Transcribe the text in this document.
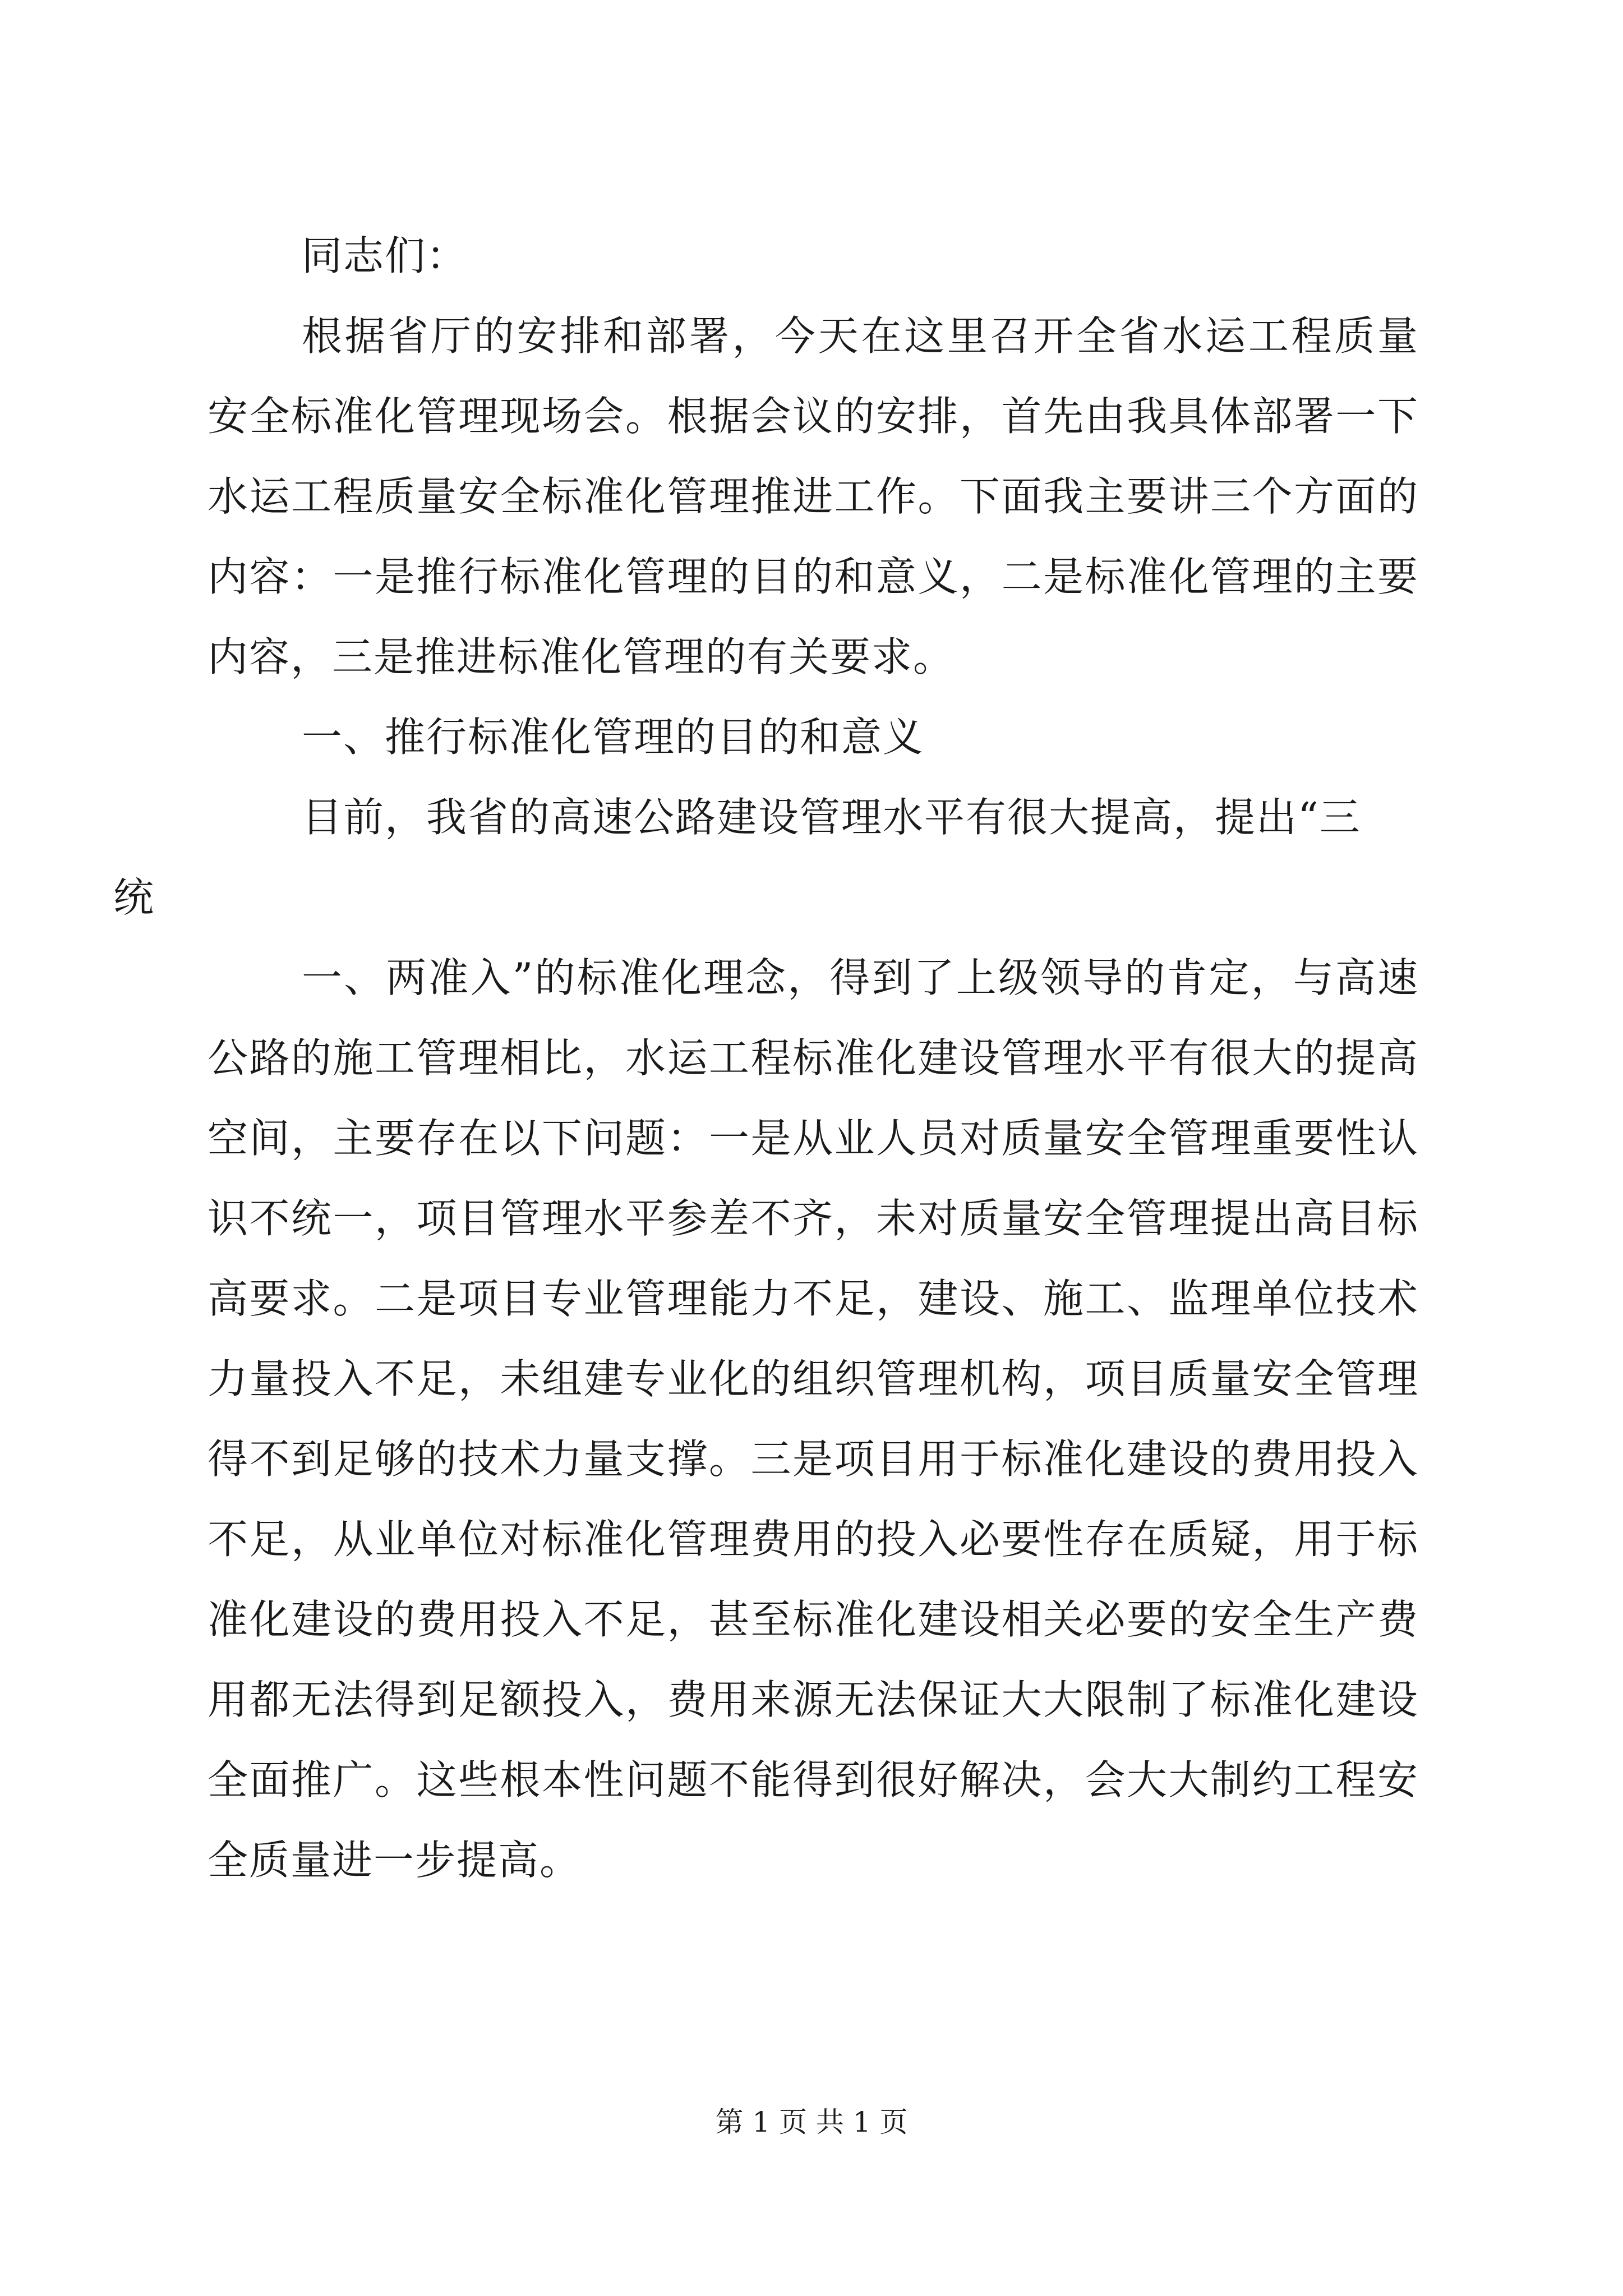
同志们：

根据省厅的安排和部署，今天在这里召开全省水运工程质量安全标准化管理现场会。根据会议的安排，首先由我具体部署一下水运工程质量安全标准化管理推进工作。下面我主要讲三个方面的内容：一是推行标准化管理的目的和意义，二是标准化管理的主要内容，三是推进标准化管理的有关要求。

一、推行标准化管理的目的和意义

目前，我省的高速公路建设管理水平有很大提高，提出“三
统

一、两准入”的标准化理念，得到了上级领导的肯定，与高速公路的施工管理相比，水运工程标准化建设管理水平有很大的提高空间，主要存在以下问题：一是从业人员对质量安全管理重要性认识不统一，项目管理水平参差不齐，未对质量安全管理提出高目标高要求。二是项目专业管理能力不足，建设、施工、监理单位技术力量投入不足，未组建专业化的组织管理机构，项目质量安全管理得不到足够的技术力量支撑。三是项目用于标准化建设的费用投入不足，从业单位对标准化管理费用的投入必要性存在质疑，用于标准化建设的费用投入不足，甚至标准化建设相关必要的安全生产费用都无法得到足额投入，费用来源无法保证大大限制了标准化建设全面推广。这些根本性问题不能得到很好解决，会大大制约工程安全质量进一步提高。

第 1 页 共 1 页
